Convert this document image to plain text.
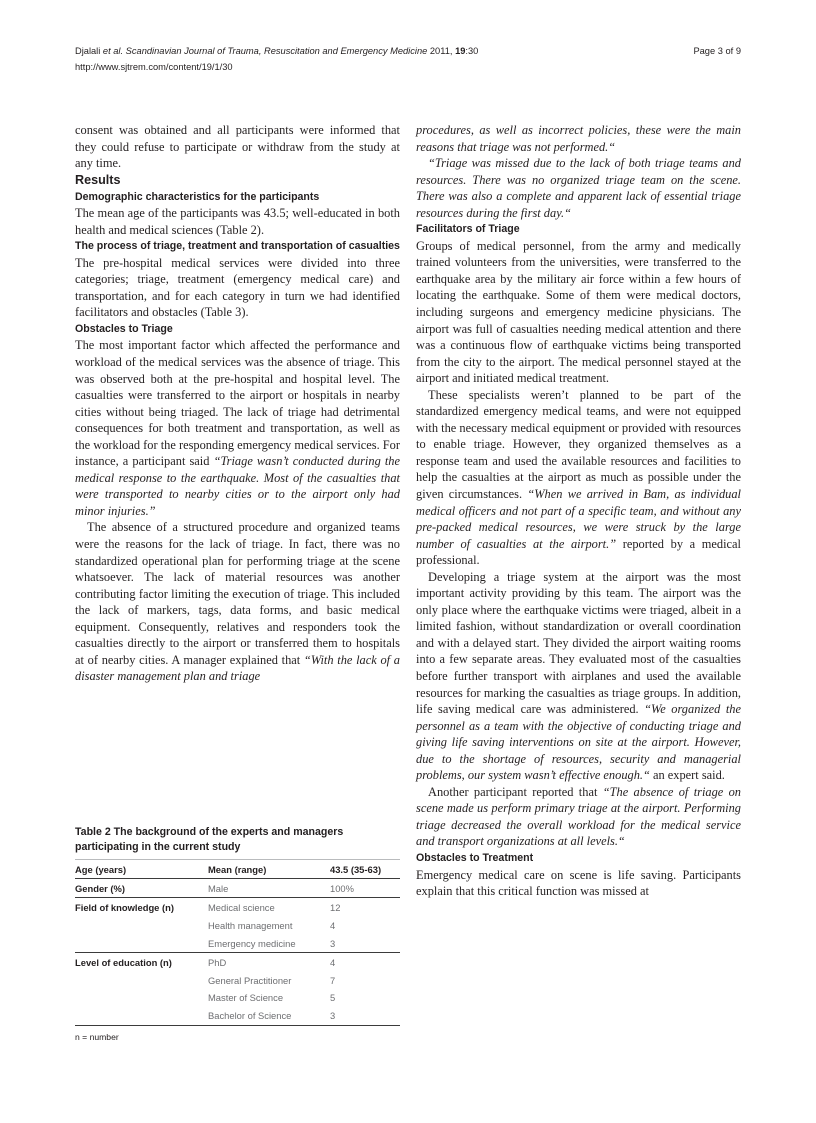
Djalali et al. Scandinavian Journal of Trauma, Resuscitation and Emergency Medicine 2011, 19:30	Page 3 of 9
http://www.sjtrem.com/content/19/1/30

consent was obtained and all participants were informed that they could refuse to participate or withdraw from the study at any time.

Results
Demographic characteristics for the participants

The mean age of the participants was 43.5; well-educated in both health and medical sciences (Table 2).

The process of triage, treatment and transportation of casualties

The pre-hospital medical services were divided into three categories; triage, treatment (emergency medical care) and transportation, and for each category in turn we had identified facilitators and obstacles (Table 3).

Obstacles to Triage

The most important factor which affected the performance and workload of the medical services was the absence of triage. This was observed both at the pre-hospital and hospital level. The casualties were transferred to the airport or hospitals in nearby cities without being triaged. The lack of triage had detrimental consequences for both treatment and transportation, as well as the workload for the responding emergency medical services. For instance, a participant said “Triage wasn’t conducted during the medical response to the earthquake. Most of the casualties that were transported to nearby cities or to the airport only had minor injuries.”

The absence of a structured procedure and organized teams were the reasons for the lack of triage. In fact, there was no standardized operational plan for performing triage at the scene whatsoever. The lack of material resources was another contributing factor limiting the execution of triage. This included the lack of markers, tags, data forms, and basic medical equipment. Consequently, relatives and responders took the casualties directly to the airport or transferred them to hospitals at of nearby cities. A manager explained that “With the lack of a disaster management plan and triage

procedures, as well as incorrect policies, these were the main reasons that triage was not performed.“

“Triage was missed due to the lack of both triage teams and resources. There was no organized triage team on the scene. There was also a complete and apparent lack of essential triage resources during the first day.“

Facilitators of Triage

Groups of medical personnel, from the army and medically trained volunteers from the universities, were transferred to the earthquake area by the military air force within a few hours of locating the earthquake. Some of them were medical doctors, including surgeons and emergency medicine physicians. The airport was full of casualties needing medical attention and there was a continuous flow of earthquake victims being transported from the city to the airport. The medical personnel stayed at the airport and initiated medical treatment.

These specialists weren’t planned to be part of the standardized emergency medical teams, and were not equipped with the necessary medical equipment or provided with resources to enable triage. However, they organized themselves as a response team and used the available resources and facilities to help the casualties at the airport as much as possible under the given circumstances. “When we arrived in Bam, as individual medical officers and not part of a specific team, and without any pre-packed medical resources, we were struck by the large number of casualties at the airport.” reported by a medical professional.

Developing a triage system at the airport was the most important activity providing by this team. The airport was the only place where the earthquake victims were triaged, albeit in a limited fashion, without standardization or overall coordination and with a delayed start. They divided the airport waiting rooms into a few separate areas. They evaluated most of the casualties before further transport with airplanes and used the available resources for marking the casualties as triage groups. In addition, life saving medical care was administered. “We organized the personnel as a team with the objective of conducting triage and giving life saving interventions on site at the airport. However, due to the shortage of resources, security and managerial problems, our system wasn’t effective enough.“ an expert said.

Another participant reported that “The absence of triage on scene made us perform primary triage at the airport. Performing triage decreased the overall workload for the medical service and transport organizations at all levels.“

Obstacles to Treatment

Emergency medical care on scene is life saving. Participants explain that this critical function was missed at

Table 2 The background of the experts and managers participating in the current study
Age (years)	Mean (range)	43.5 (35-63)
Gender (%)	Male	100%
Field of knowledge (n)	Medical science	12
	Health management	4
	Emergency medicine	3
Level of education (n)	PhD	4
	General Practitioner	7
	Master of Science	5
	Bachelor of Science	3
n = number
